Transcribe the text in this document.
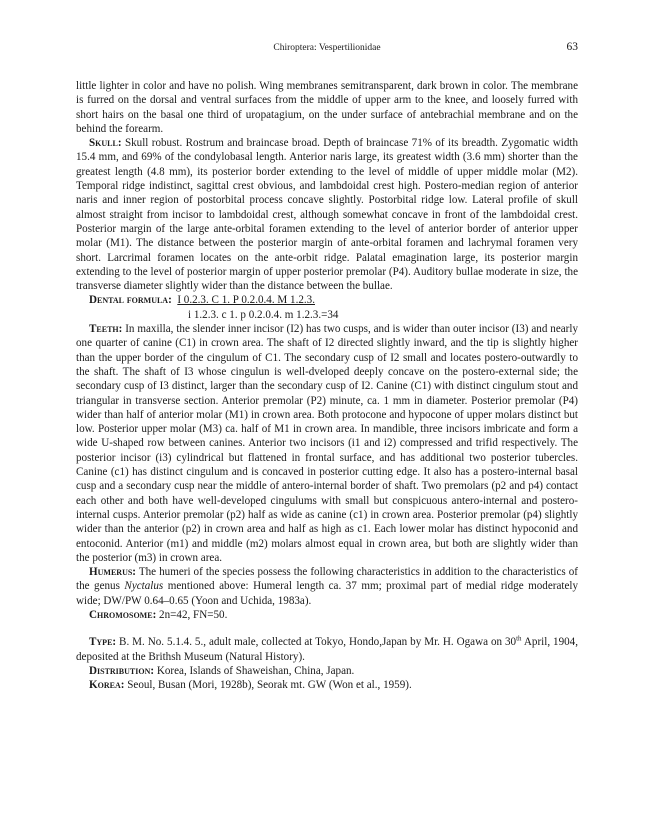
Chiroptera: Vespertilionidae	63

little lighter in color and have no polish. Wing membranes semitransparent, dark brown in color. The membrane is furred on the dorsal and ventral surfaces from the middle of upper arm to the knee, and loosely furred with short hairs on the basal one third of uropatagium, on the under surface of antebrachial membrane and on the behind the forearm.

Skull: Skull robust. Rostrum and braincase broad. Depth of braincase 71% of its breadth. Zygomatic width 15.4 mm, and 69% of the condylobasal length. Anterior naris large, its greatest width (3.6 mm) shorter than the greatest length (4.8 mm), its posterior border extending to the level of middle of upper middle molar (M2). Temporal ridge indistinct, sagittal crest obvious, and lambdoidal crest high. Postero-median region of anterior naris and inner region of postorbital process concave slightly. Postorbital ridge low. Lateral profile of skull almost straight from incisor to lambdoidal crest, although somewhat concave in front of the lambdoidal crest. Posterior margin of the large ante-orbital foramen extending to the level of anterior border of anterior upper molar (M1). The distance between the posterior margin of ante-orbital foramen and lachrymal foramen very short. Larcrimal foramen locates on the ante-orbit ridge. Palatal emagination large, its posterior margin extending to the level of posterior margin of upper posterior premolar (P4). Auditory bullae moderate in size, the transverse diameter slightly wider than the distance between the bullae.

Dental formula: I 0.2.3. C 1. P 0.2.0.4. M 1.2.3.
i 1.2.3. c 1. p 0.2.0.4. m 1.2.3.=34

Teeth: In maxilla, the slender inner incisor (I2) has two cusps, and is wider than outer incisor (I3) and nearly one quarter of canine (C1) in crown area. The shaft of I2 directed slightly inward, and the tip is slightly higher than the upper border of the cingulum of C1. The secondary cusp of I2 small and locates postero-outwardly to the shaft. The shaft of I3 whose cingulun is well-dveloped deeply concave on the postero-external side; the secondary cusp of I3 distinct, larger than the secondary cusp of I2. Canine (C1) with distinct cingulum stout and triangular in transverse section. Anterior premolar (P2) minute, ca. 1 mm in diameter. Posterior premolar (P4) wider than half of anterior molar (M1) in crown area. Both protocone and hypocone of upper molars distinct but low. Posterior upper molar (M3) ca. half of M1 in crown area. In mandible, three incisors imbricate and form a wide U-shaped row between canines. Anterior two incisors (i1 and i2) compressed and trifid respectively. The posterior incisor (i3) cylindrical but flattened in frontal surface, and has additional two posterior tubercles. Canine (c1) has distinct cingulum and is concaved in posterior cutting edge. It also has a postero-internal basal cusp and a secondary cusp near the middle of antero-internal border of shaft. Two premolars (p2 and p4) contact each other and both have well-developed cingulums with small but conspicuous antero-internal and postero-internal cusps. Anterior premolar (p2) half as wide as canine (c1) in crown area. Posterior premolar (p4) slightly wider than the anterior (p2) in crown area and half as high as c1. Each lower molar has distinct hypoconid and entoconid. Anterior (m1) and middle (m2) molars almost equal in crown area, but both are slightly wider than the posterior (m3) in crown area.

Humerus: The humeri of the species possess the following characteristics in addition to the characteristics of the genus Nyctalus mentioned above: Humeral length ca. 37 mm; proximal part of medial ridge moderately wide; DW/PW 0.64–0.65 (Yoon and Uchida, 1983a).

Chromosome: 2n=42, FN=50.

Type: B. M. No. 5.1.4. 5., adult male, collected at Tokyo, Hondo,Japan by Mr. H. Ogawa on 30th April, 1904, deposited at the Brithsh Museum (Natural History).

Distribution: Korea, Islands of Shaweishan, China, Japan.

Korea: Seoul, Busan (Mori, 1928b), Seorak mt. GW (Won et al., 1959).
